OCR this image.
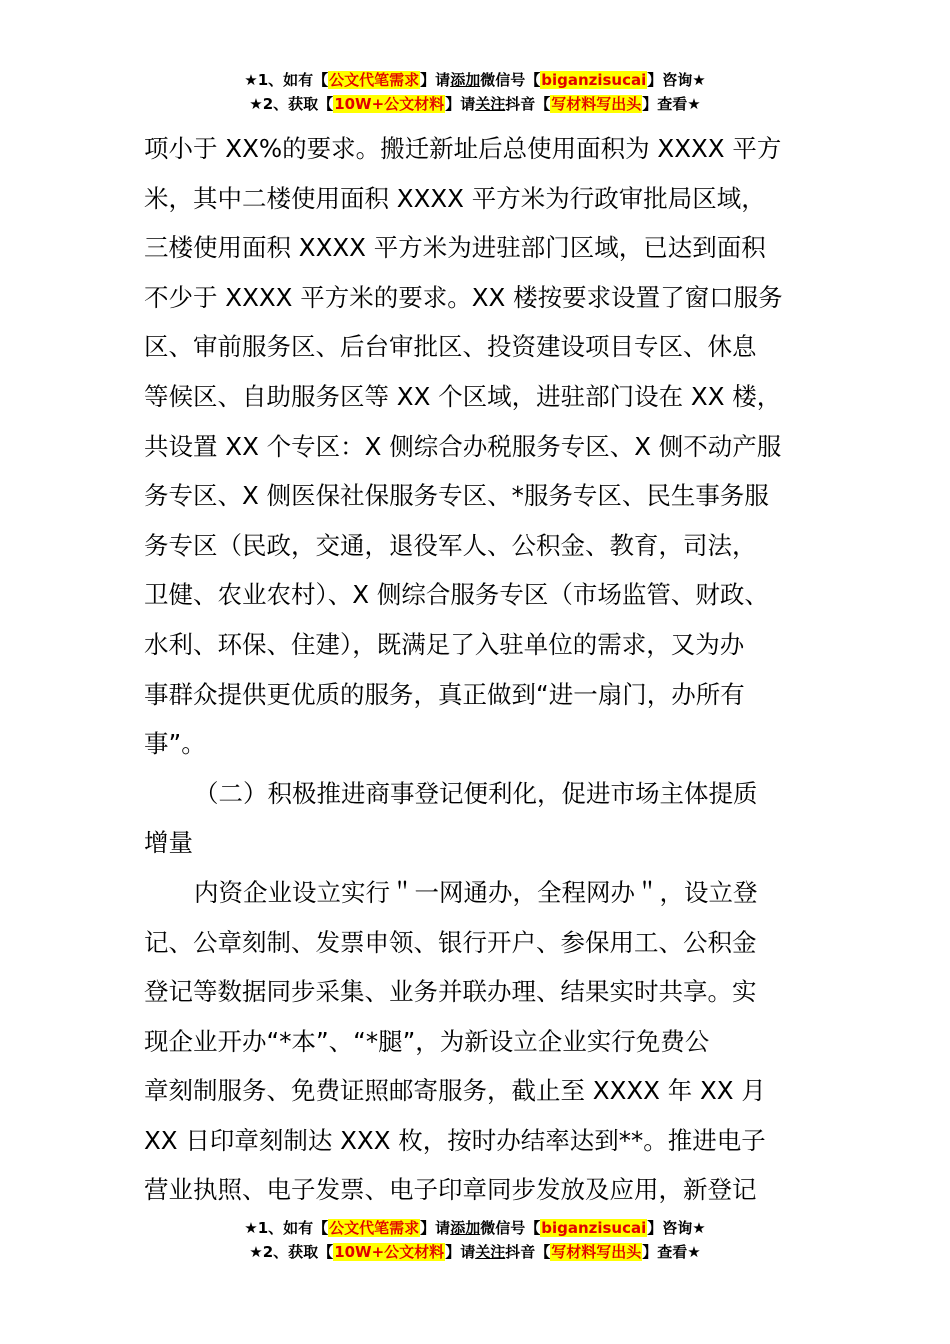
★1、如有【公文代笔需求】请添加微信号【biganzisucai】咨询★
★2、获取【10W+公文材料】请关注抖音【写材料写出头】查看★
项小于 XX%的要求。搬迁新址后总使用面积为 XXXX 平方
米，其中二楼使用面积 XXXX 平方米为行政审批局区域，
三楼使用面积 XXXX 平方米为进驻部门区域，已达到面积
不少于 XXXX 平方米的要求。XX 楼按要求设置了窗口服务
区、审前服务区、后台审批区、投资建设项目专区、休息
等候区、自助服务区等 XX 个区域，进驻部门设在 XX 楼，
共设置 XX 个专区：X 侧综合办税服务专区、X 侧不动产服
务专区、X 侧医保社保服务专区、*服务专区、民生事务服
务专区（民政，交通，退役军人、公积金、教育，司法，
卫健、农业农村）、X 侧综合服务专区（市场监管、财政、
水利、环保、住建），既满足了入驻单位的需求，又为办
事群众提供更优质的服务，真正做到“进一扇门，办所有
事”。
（二）积极推进商事登记便利化，促进市场主体提质
增量
内资企业设立实行＂一网通办，全程网办＂，设立登
记、公章刻制、发票申领、银行开户、参保用工、公积金
登记等数据同步采集、业务并联办理、结果实时共享。实
现企业开办“*本”、“*腿”，为新设立企业实行免费公
章刻制服务、免费证照邮寄服务，截止至 XXXX 年 XX 月
XX 日印章刻制达 XXX 枚，按时办结率达到**。推进电子
营业执照、电子发票、电子印章同步发放及应用，新登记
★1、如有【公文代笔需求】请添加微信号【biganzisucai】咨询★
★2、获取【10W+公文材料】请关注抖音【写材料写出头】查看★
